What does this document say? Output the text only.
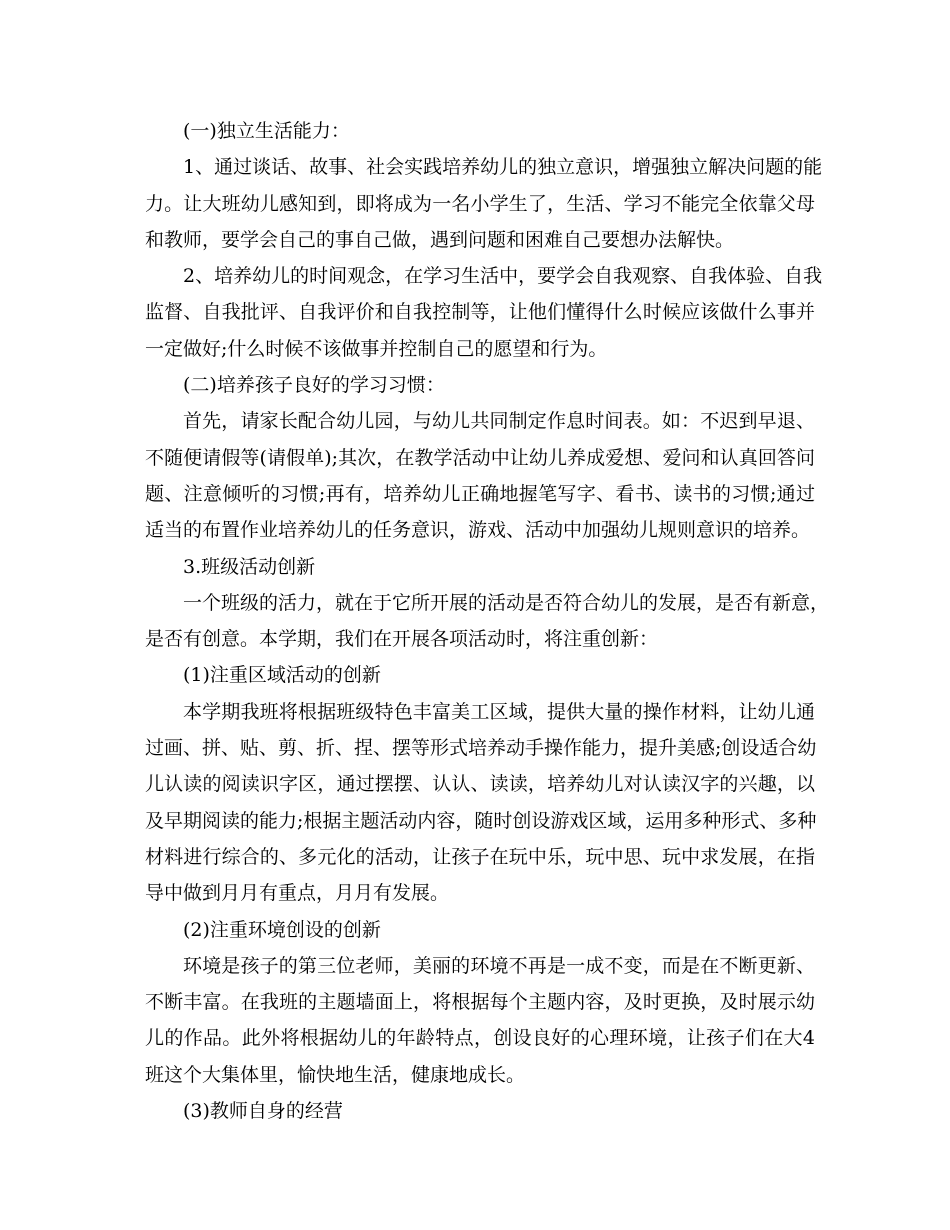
(一)独立生活能力：
1、通过谈话、故事、社会实践培养幼儿的独立意识，增强独立解决问题的能
力。让大班幼儿感知到，即将成为一名小学生了，生活、学习不能完全依靠父母
和教师，要学会自己的事自己做，遇到问题和困难自己要想办法解快。
2、培养幼儿的时间观念，在学习生活中，要学会自我观察、自我体验、自我
监督、自我批评、自我评价和自我控制等，让他们懂得什么时候应该做什么事并
一定做好;什么时候不该做事并控制自己的愿望和行为。
(二)培养孩子良好的学习习惯：
首先，请家长配合幼儿园，与幼儿共同制定作息时间表。如：不迟到早退、
不随便请假等(请假单);其次，在教学活动中让幼儿养成爱想、爱问和认真回答问
题、注意倾听的习惯;再有，培养幼儿正确地握笔写字、看书、读书的习惯;通过
适当的布置作业培养幼儿的任务意识，游戏、活动中加强幼儿规则意识的培养。
3.班级活动创新
一个班级的活力，就在于它所开展的活动是否符合幼儿的发展，是否有新意，
是否有创意。本学期，我们在开展各项活动时，将注重创新：
(1)注重区域活动的创新
本学期我班将根据班级特色丰富美工区域，提供大量的操作材料，让幼儿通
过画、拼、贴、剪、折、捏、摆等形式培养动手操作能力，提升美感;创设适合幼
儿认读的阅读识字区，通过摆摆、认认、读读，培养幼儿对认读汉字的兴趣，以
及早期阅读的能力;根据主题活动内容，随时创设游戏区域，运用多种形式、多种
材料进行综合的、多元化的活动，让孩子在玩中乐，玩中思、玩中求发展，在指
导中做到月月有重点，月月有发展。
(2)注重环境创设的创新
环境是孩子的第三位老师，美丽的环境不再是一成不变，而是在不断更新、
不断丰富。在我班的主题墙面上，将根据每个主题内容，及时更换，及时展示幼
儿的作品。此外将根据幼儿的年龄特点，创设良好的心理环境，让孩子们在大4
班这个大集体里，愉快地生活，健康地成长。
(3)教师自身的经营
